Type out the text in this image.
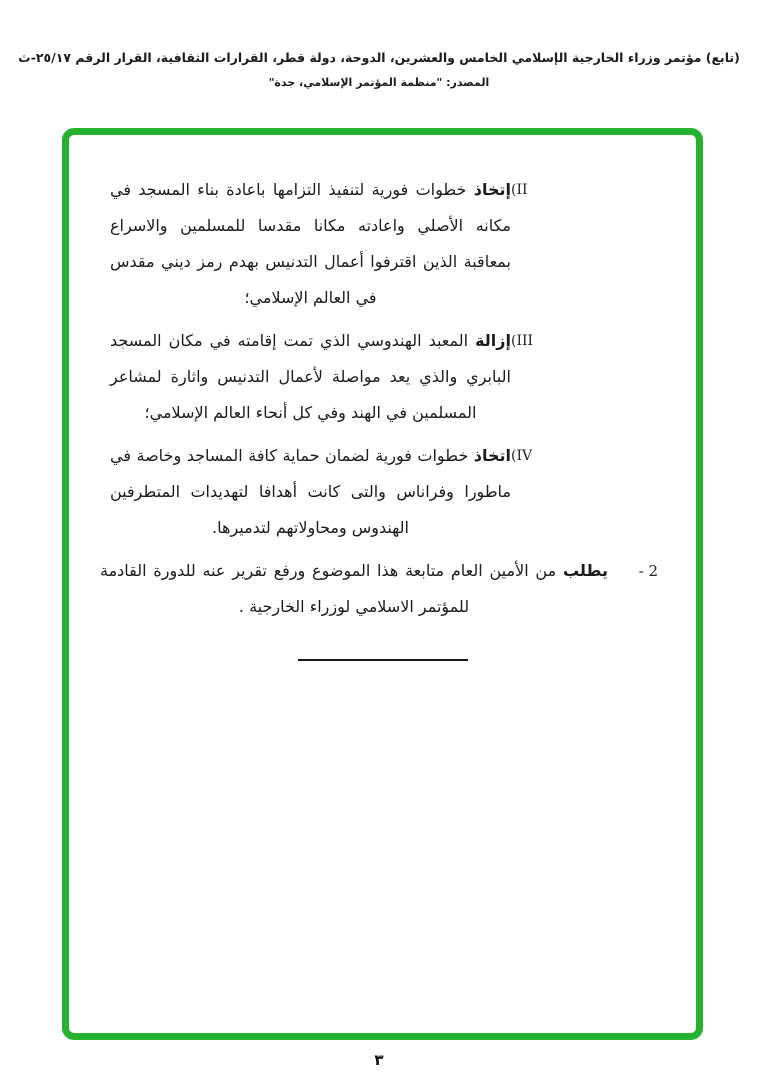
(تابع) مؤتمر وزراء الخارجية الإسلامي الخامس والعشرين، الدوحة، دولة قطر، القرارات الثقافية، القرار الرقم ٢٥/١٧-ث
المصدر: "منظمة المؤتمر الإسلامي، جدة"
(II
إتخاذ خطوات فورية لتنفيذ التزامها باعادة بناء المسجد في مكانه الأصلي واعادته مكانا مقدسا للمسلمين والاسراع بمعاقبة الذين اقترفوا أعمال التدنيس بهدم رمز ديني مقدس في العالم الإسلامي؛
(III
إزالة المعبد الهندوسي الذي تمت إقامته في مكان المسجد البابري والذي يعد مواصلة لأعمال التدنيس واثارة لمشاعر المسلمين في الهند وفي كل أنحاء العالم الإسلامي؛
(IV
اتخاذ خطوات فورية لضمان حماية كافة المساجد وخاصة في ماطورا وفراناس والتى كانت أهدافا لتهديدات المتطرفين الهندوس ومحاولاتهم لتدميرها.
2 -
يطلب من الأمين العام متابعة هذا الموضوع ورفع تقرير عنه للدورة القادمة للمؤتمر الاسلامي لوزراء الخارجية .
٣
